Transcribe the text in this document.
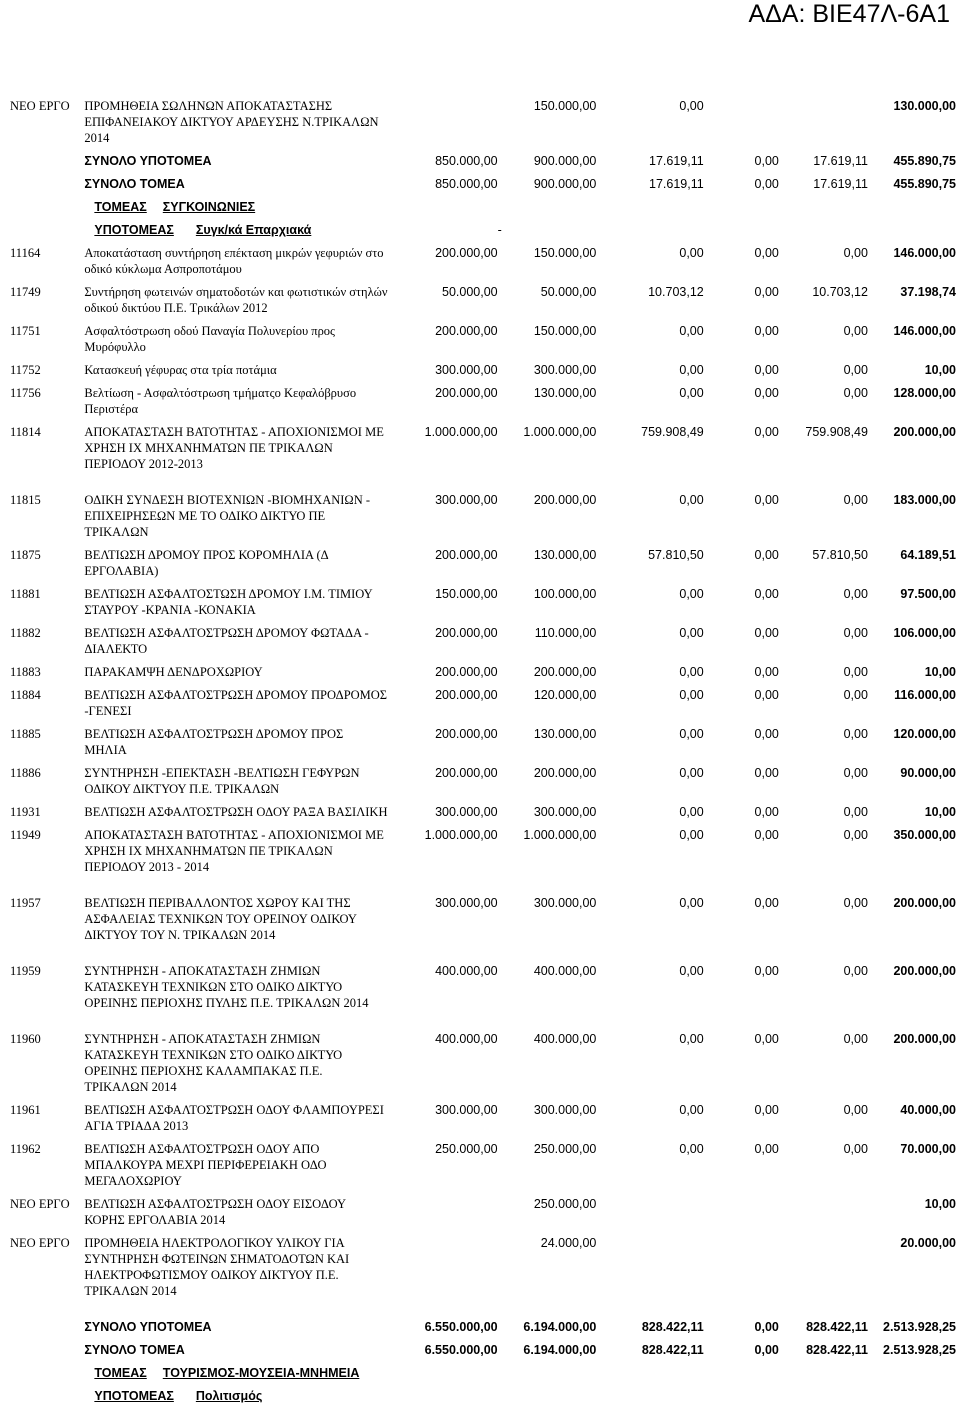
ΑΔΑ: ΒΙΕ47Λ-6Α1
ΝΕΟ ΕΡΓΟ	ΠΡΟΜΗΘΕΙΑ ΣΩΛΗΝΩΝ ΑΠΟΚΑΤΑΣΤΑΣΗΣ ΕΠΙΦΑΝΕΙΑΚΟΥ ΔΙΚΤΥΟΥ ΑΡΔΕΥΣΗΣ Ν.ΤΡΙΚΑΛΩΝ 2014		150.000,00	0,00			130.000,00
	ΣΥΝΟΛΟ ΥΠΟΤΟΜΕΑ	850.000,00	900.000,00	17.619,11	0,00	17.619,11	455.890,75
	ΣΥΝΟΛΟ ΤΟΜΕΑ	850.000,00	900.000,00	17.619,11	0,00	17.619,11	455.890,75
	ΤΟΜΕΑΣ ΣΥΓΚΟΙΝΩΝΙΕΣ						
	ΥΠΟΤΟΜΕΑΣ Συγκ/κά Επαρχιακά		-				
11164	Αποκατάσταση συντήρηση επέκταση μικρών γεφυριών στο οδικό κύκλωμα Ασπροποτάμου	200.000,00	150.000,00	0,00	0,00	0,00	146.000,00
11749	Συντήρηση φωτεινών σηματοδοτών και φωτιστικών στηλών οδικού δικτύου Π.Ε. Τρικάλων 2012	50.000,00	50.000,00	10.703,12	0,00	10.703,12	37.198,74
11751	Ασφαλτόστρωση οδού Παναγία Πολυνερίου προς Μυρόφυλλο	200.000,00	150.000,00	0,00	0,00	0,00	146.000,00
11752	Κατασκευή γέφυρας στα τρία ποτάμια	300.000,00	300.000,00	0,00	0,00	0,00	10,00
11756	Βελτίωση - Ασφαλτόστρωση τμήματςο Κεφαλόβρυσο Περιστέρα	200.000,00	130.000,00	0,00	0,00	0,00	128.000,00
11814	ΑΠΟΚΑΤΑΣΤΑΣΗ ΒΑΤΟΤΗΤΑΣ - ΑΠΟΧΙΟΝΙΣΜΟΙ ΜΕ ΧΡΗΣΗ ΙΧ ΜΗΧΑΝΗΜΑΤΩΝ ΠΕ ΤΡΙΚΑΛΩΝ ΠΕΡΙΟΔΟΥ 2012-2013	1.000.000,00	1.000.000,00	759.908,49	0,00	759.908,49	200.000,00
11815	ΟΔΙΚΗ ΣΥΝΔΕΣΗ ΒΙΟΤΕΧΝΙΩΝ -ΒΙΟΜΗΧΑΝΙΩΝ - ΕΠΙΧΕΙΡΗΣΕΩΝ ΜΕ ΤΟ ΟΔΙΚΟ ΔΙΚΤΥΟ ΠΕ ΤΡΙΚΑΛΩΝ	300.000,00	200.000,00	0,00	0,00	0,00	183.000,00
11875	ΒΕΛΤΙΩΣΗ ΔΡΟΜΟΥ ΠΡΟΣ ΚΟΡΟΜΗΛΙΑ (Δ ΕΡΓΟΛΑΒΙΑ)	200.000,00	130.000,00	57.810,50	0,00	57.810,50	64.189,51
11881	ΒΕΛΤΙΩΣΗ ΑΣΦΑΛΤΟΣΤΩΣΗ ΔΡΟΜΟΥ Ι.Μ. ΤΙΜΙΟΥ ΣΤΑΥΡΟΥ -ΚΡΑΝΙΑ -ΚΟΝΑΚΙΑ	150.000,00	100.000,00	0,00	0,00	0,00	97.500,00
11882	ΒΕΛΤΙΩΣΗ ΑΣΦΑΛΤΟΣΤΡΩΣΗ ΔΡΟΜΟΥ ΦΩΤΑΔΑ - ΔΙΑΛΕΚΤΟ	200.000,00	110.000,00	0,00	0,00	0,00	106.000,00
11883	ΠΑΡΑΚΑΜΨΗ ΔΕΝΔΡΟΧΩΡΙΟΥ	200.000,00	200.000,00	0,00	0,00	0,00	10,00
11884	ΒΕΛΤΙΩΣΗ ΑΣΦΑΛΤΟΣΤΡΩΣΗ ΔΡΟΜΟΥ ΠΡΟΔΡΟΜΟΣ -ΓΕΝΕΣΙ	200.000,00	120.000,00	0,00	0,00	0,00	116.000,00
11885	ΒΕΛΤΙΩΣΗ ΑΣΦΑΛΤΟΣΤΡΩΣΗ ΔΡΟΜΟΥ ΠΡΟΣ ΜΗΛΙΑ	200.000,00	130.000,00	0,00	0,00	0,00	120.000,00
11886	ΣΥΝΤΗΡΗΣΗ -ΕΠΕΚΤΑΣΗ -ΒΕΛΤΙΩΣΗ ΓΕΦΥΡΩΝ ΟΔΙΚΟΥ ΔΙΚΤΥΟΥ Π.Ε. ΤΡΙΚΑΛΩΝ	200.000,00	200.000,00	0,00	0,00	0,00	90.000,00
11931	ΒΕΛΤΙΩΣΗ ΑΣΦΑΛΤΟΣΤΡΩΣΗ ΟΔΟΥ ΡΑΞΑ ΒΑΣΙΛΙΚΗ	300.000,00	300.000,00	0,00	0,00	0,00	10,00
11949	ΑΠΟΚΑΤΑΣΤΑΣΗ ΒΑΤΟΤΗΤΑΣ - ΑΠΟΧΙΟΝΙΣΜΟΙ ΜΕ ΧΡΗΣΗ ΙΧ ΜΗΧΑΝΗΜΑΤΩΝ ΠΕ ΤΡΙΚΑΛΩΝ ΠΕΡΙΟΔΟΥ 2013 - 2014	1.000.000,00	1.000.000,00	0,00	0,00	0,00	350.000,00
11957	ΒΕΛΤΙΩΣΗ ΠΕΡΙΒΑΛΛΟΝΤΟΣ ΧΩΡΟΥ ΚΑΙ ΤΗΣ ΑΣΦΑΛΕΙΑΣ ΤΕΧΝΙΚΩΝ ΤΟΥ ΟΡΕΙΝΟΥ ΟΔΙΚΟΥ ΔΙΚΤΥΟΥ ΤΟΥ Ν. ΤΡΙΚΑΛΩΝ 2014	300.000,00	300.000,00	0,00	0,00	0,00	200.000,00
11959	ΣΥΝΤΗΡΗΣΗ - ΑΠΟΚΑΤΑΣΤΑΣΗ ΖΗΜΙΩΝ ΚΑΤΑΣΚΕΥΗ ΤΕΧΝΙΚΩΝ ΣΤΟ ΟΔΙΚΟ ΔΙΚΤΥΟ ΟΡΕΙΝΗΣ ΠΕΡΙΟΧΗΣ ΠΥΛΗΣ Π.Ε. ΤΡΙΚΑΛΩΝ 2014	400.000,00	400.000,00	0,00	0,00	0,00	200.000,00
11960	ΣΥΝΤΗΡΗΣΗ - ΑΠΟΚΑΤΑΣΤΑΣΗ ΖΗΜΙΩΝ ΚΑΤΑΣΚΕΥΗ ΤΕΧΝΙΚΩΝ ΣΤΟ ΟΔΙΚΟ ΔΙΚΤΥΟ ΟΡΕΙΝΗΣ ΠΕΡΙΟΧΗΣ ΚΑΛΑΜΠΑΚΑΣ Π.Ε. ΤΡΙΚΑΛΩΝ 2014	400.000,00	400.000,00	0,00	0,00	0,00	200.000,00
11961	ΒΕΛΤΙΩΣΗ ΑΣΦΑΛΤΟΣΤΡΩΣΗ ΟΔΟΥ ΦΛΑΜΠΟΥΡΕΣΙ ΑΓΙΑ ΤΡΙΑΔΑ 2013	300.000,00	300.000,00	0,00	0,00	0,00	40.000,00
11962	ΒΕΛΤΙΩΣΗ ΑΣΦΑΛΤΟΣΤΡΩΣΗ ΟΔΟΥ ΑΠΟ ΜΠΑΛΚΟΥΡΑ ΜΕΧΡΙ ΠΕΡΙΦΕΡΕΙΑΚΗ ΟΔΟ ΜΕΓΑΛΟΧΩΡΙΟΥ	250.000,00	250.000,00	0,00	0,00	0,00	70.000,00
ΝΕΟ ΕΡΓΟ	ΒΕΛΤΙΩΣΗ ΑΣΦΑΛΤΟΣΤΡΩΣΗ ΟΔΟΥ ΕΙΣΟΔΟΥ ΚΟΡΗΣ ΕΡΓΟΛΑΒΙΑ 2014		250.000,00				10,00
ΝΕΟ ΕΡΓΟ	ΠΡΟΜΗΘΕΙΑ ΗΛΕΚΤΡΟΛΟΓΙΚΟΥ ΥΛΙΚΟΥ ΓΙΑ ΣΥΝΤΗΡΗΣΗ ΦΩΤΕΙΝΩΝ ΣΗΜΑΤΟΔΟΤΩΝ ΚΑΙ ΗΛΕΚΤΡΟΦΩΤΙΣΜΟΥ ΟΔΙΚΟΥ ΔΙΚΤΥΟΥ Π.Ε. ΤΡΙΚΑΛΩΝ 2014		24.000,00				20.000,00
	ΣΥΝΟΛΟ ΥΠΟΤΟΜΕΑ	6.550.000,00	6.194.000,00	828.422,11	0,00	828.422,11	2.513.928,25
	ΣΥΝΟΛΟ ΤΟΜΕΑ	6.550.000,00	6.194.000,00	828.422,11	0,00	828.422,11	2.513.928,25
	ΤΟΜΕΑΣ ΤΟΥΡΙΣΜΟΣ-ΜΟΥΣΕΙΑ-ΜΝΗΜΕΙΑ						
	ΥΠΟΤΟΜΕΑΣ Πολιτισμός						
